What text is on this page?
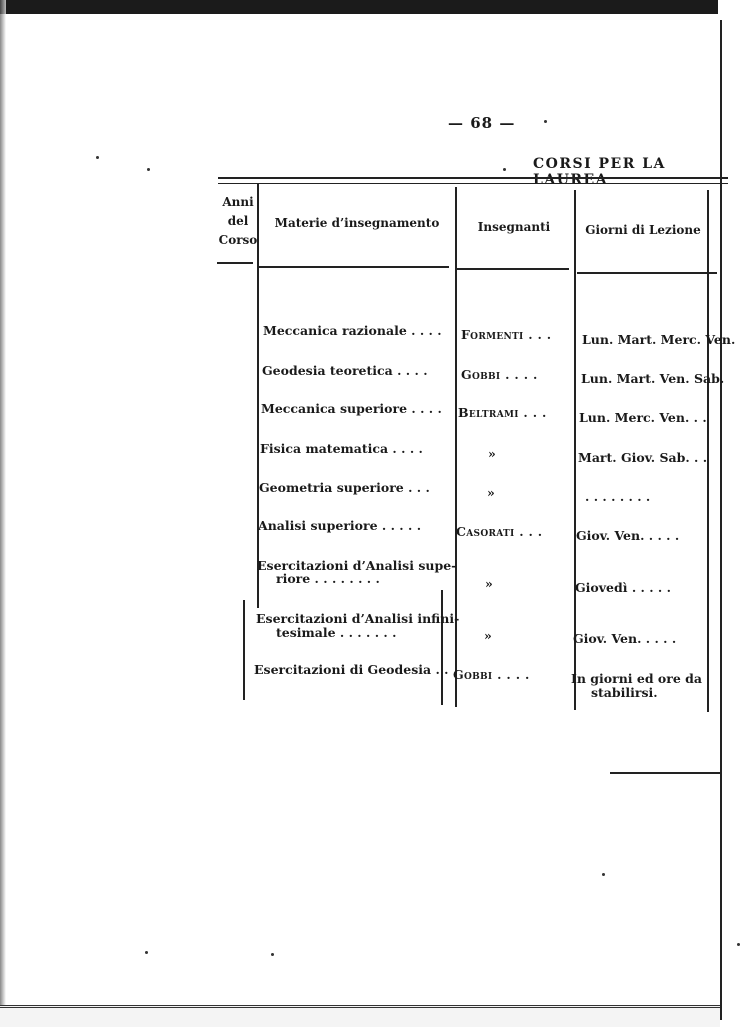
— 68 —
CORSI PER LA LAUREA
Anni
del
Corso
Materie d’insegnamento	Insegnanti	Giorni di Lezione
Meccanica razionale . . . . Formenti . . . Lun. Mart. Merc. Ven.
Geodesia teoretica . . . .	Gobbi . . . .	Lun. Mart. Ven. Sab.
Meccanica superiore . . . . Beltrami . . .	Lun. Merc. Ven. . .
Fisica matematica . . . .	»	Mart. Giov. Sab. . .
Geometria superiore . . .	»	. . . . . . . .
Analisi superiore . . . . .	Casorati . . .	Giov. Ven. . . . .
Esercitazioni d’Analisi supe-
riore . . . . . . . .	»	Giovedì . . . . .
Esercitazioni d’Analisi infini-
tesimale . . . . . . .	»	Giov. Ven. . . . .
Esercitazioni di Geodesia . . Gobbi . . . .	In giorni ed ore da
stabilirsi.
